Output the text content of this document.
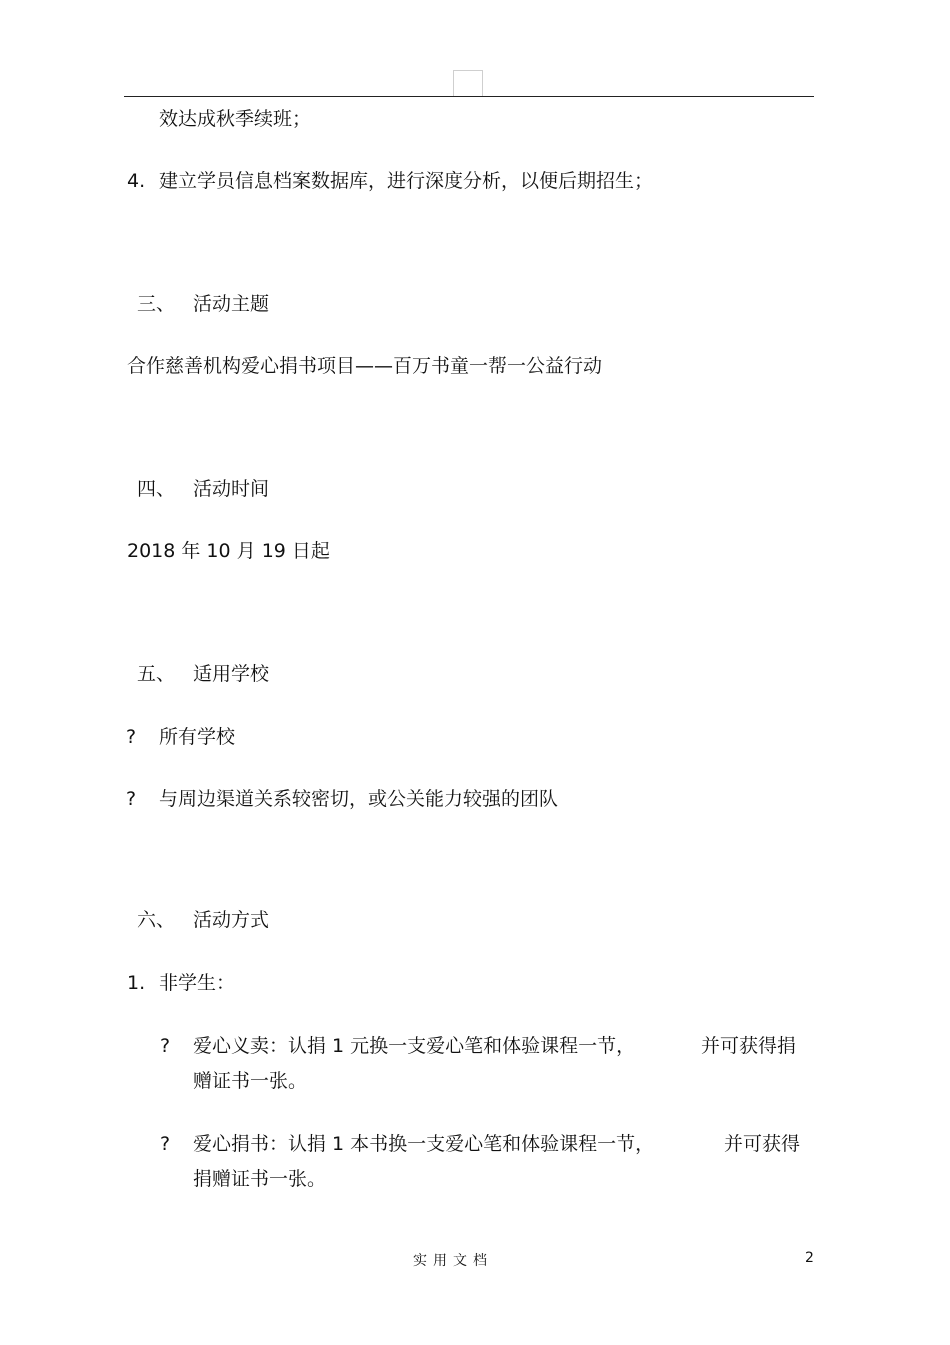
效达成秋季续班；
4. 建立学员信息档案数据库，进行深度分析，以便后期招生；
三、 活动主题
合作慈善机构爱心捐书项目——百万书童一帮一公益行动
四、 活动时间
2018 年 10 月 19 日起
五、 适用学校
? 所有学校
? 与周边渠道关系较密切，或公关能力较强的团队
六、 活动方式
1. 非学生：
? 爱心义卖：认捐 1 元换一支爱心笔和体验课程一节，	并可获得捐
赠证书一张。
? 爱心捐书：认捐 1 本书换一支爱心笔和体验课程一节，	并可获得
捐赠证书一张。
实用文档	2
